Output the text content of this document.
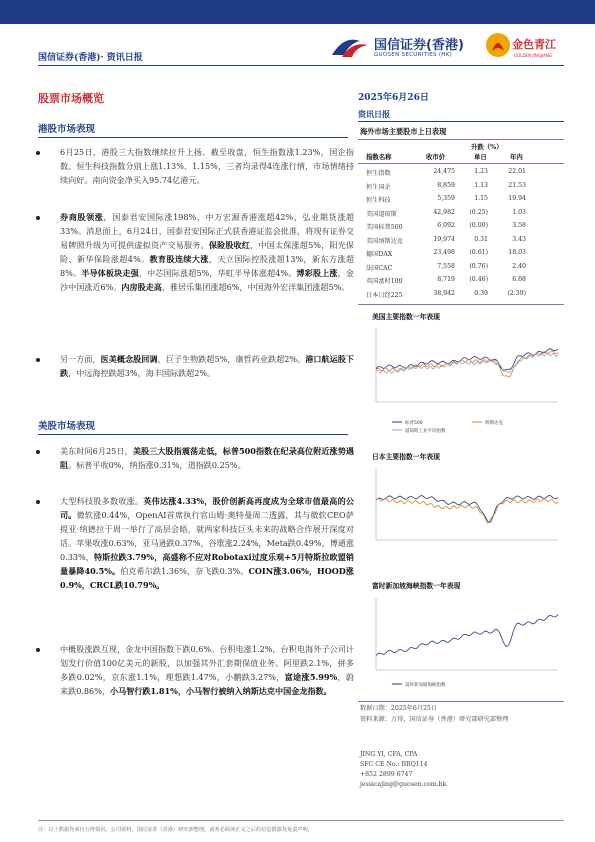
国信证券(香港)· 资讯日报
国信证券(香港)
GUOSEN SECURITIES (HK)
金色青江
GOLDEN JINGJIANG
股票市场概览
港股市场表现
6月25日，港股三大指数继续拉升上扬。截至收盘，恒生指数涨1.23%，国企指数、恒生科技指数分别上涨1.13%、1.15%，三者均录得4连涨行情，市场情绪持续向好。南向资金净买入95.74亿港元。
券商股领涨，国泰君安国际涨198%，中万宏源香港涨超42%，弘业期货涨超33%。消息面上，6月24日，国泰君安国际正式获香港证监会批准，将现有证券交易牌照升级为可提供虚拟资产交易服务。保险股收红，中国太保涨超5%，阳光保险、新华保险涨超4%。教育股连续大涨，天立国际控股涨超13%，新东方涨超8%。半导体板块走强，中芯国际涨超5%，华虹半导体涨超4%。博彩股上涨，金沙中国涨近6%。内房股走高，雅居乐集团涨超6%，中国海外宏洋集团涨超5%。
另一方面，医美概念股回调，巨子生物跌超5%，康哲药业跌超2%。港口航运股下跌，中远海控跌超3%，海丰国际跌超2%。
美股市场表现
美东时间6月25日，美股三大股指震荡走低，标普500指数在纪录高位附近涨势遇阻。标普平收0%，纳指涨0.31%，道指跌0.25%。
大型科技股多数收涨。英伟达涨4.33%，股价创新高再度成为全球市值最高的公司。微软涨0.44%，OpenAI首席执行官山姆·奥特曼周二透露，其与微软CEO萨提亚·纳德拉于周一举行了高层会晤，就两家科技巨头未来的战略合作展开深度对话。苹果收涨0.63%，亚马逊跌0.37%，谷歌涨2.24%，Meta跌0.49%，博通涨0.33%，特斯拉跌3.79%，高盛称不应对Robotaxi过度乐观+5月特斯拉欧盟销量暴降40.5%。伯克希尔跌1.36%，奈飞跌0.3%。COIN涨3.06%，HOOD涨0.9%，CRCL跌10.79%。
中概股涨跌互现，金龙中国指数下跌0.6%。台积电涨1.2%，台积电海外子公司计划发行价值100亿美元的新股，以加强其外汇套期保值业务。阿里跌2.1%，拼多多跌0.02%，京东涨1.1%，理想跌1.47%，小鹏跌3.27%，富途涨5.99%，蔚来跌0.86%，小马智行跌1.81%，小马智行被纳入纳斯达克中国金龙指数。
2025年6月26日
资讯日报
海外市场主要股市上日表现
升跌（%）
指数名称	收市价	单日	年内
恒生指数	24,475	1.23	22.01
恒生国企	8,859	1.13	21.53
恒生科技	5,359	1.15	19.94
美国道琼斯	42,982 (0.25)	1.03
美国标普500	6,092 (0.00)	3.58
美国纳斯达克	19,974	0.31	3.43
德国DAX	23,498 (0.61)	18.03
法国CAC	7,558 (0.76)	2.40
英国富时100	8,719 (0.46)	6.68
日本日经225	38,942	0.39	(2.39)
美国主要指数一年表现
标普500	纳斯达克
道琼斯工业平均指数
日本主要指数一年表现
富时新加坡海峡指数一年表现
富时新加坡海峡指数
数据日期：2025年6月25日
资料来源：万得，国信证券（香港）研究部研究部整理
JING YI, CFA, CPA
SFC CE No.: BRQ114
+852 2899 6747
jessicajing@guosen.com.hk
注：以上数据均来自万得资讯、公司资料，国信证券（香港）研究部整理。请务必阅读正文之后的信息披露及免责声明。
